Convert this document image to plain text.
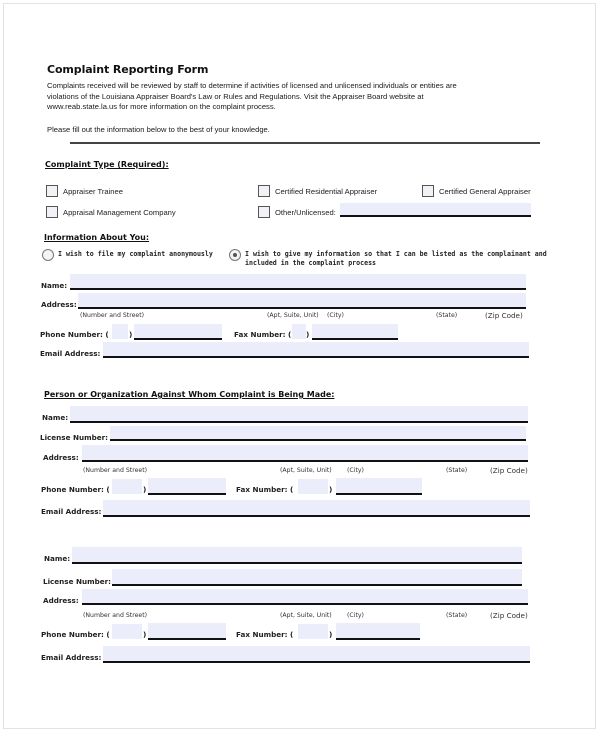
Complaint Reporting Form
Complaints received will be reviewed by staff to determine if activities of licensed and unlicensed individuals or entities are violations of the Louisiana Appraiser Board's Law or Rules and Regulations. Visit the Appraiser Board website at www.reab.state.la.us for more information on the complaint process.
Please fill out the information below to the best of your knowledge.
Complaint Type (Required):
Appraiser Trainee	Certified Residential Appraiser	Certified General Appraiser
Appraisal Management Company	Other/Unlicensed:
Information About You:
I wish to file my complaint anonymously	I wish to give my information so that I can be listed as the complainant and included in the complaint process
Name:
Address:
(Number and Street)	(Apt, Suite, Unit) (City)	(State)	(Zip Code)
Phone Number: (	)	Fax Number: ( )
Email Address:
Person or Organization Against Whom Complaint is Being Made:
Name:
License Number:
Address:
(Number and Street)	(Apt, Suite, Unit) (City)	(State)	(Zip Code)
Phone Number: (	)	Fax Number: (	)
Email Address:
Name:
License Number:
Address:
(Number and Street)	(Apt, Suite, Unit) (City)	(State)	(Zip Code)
Phone Number: (	)	Fax Number: (	)
Email Address:
